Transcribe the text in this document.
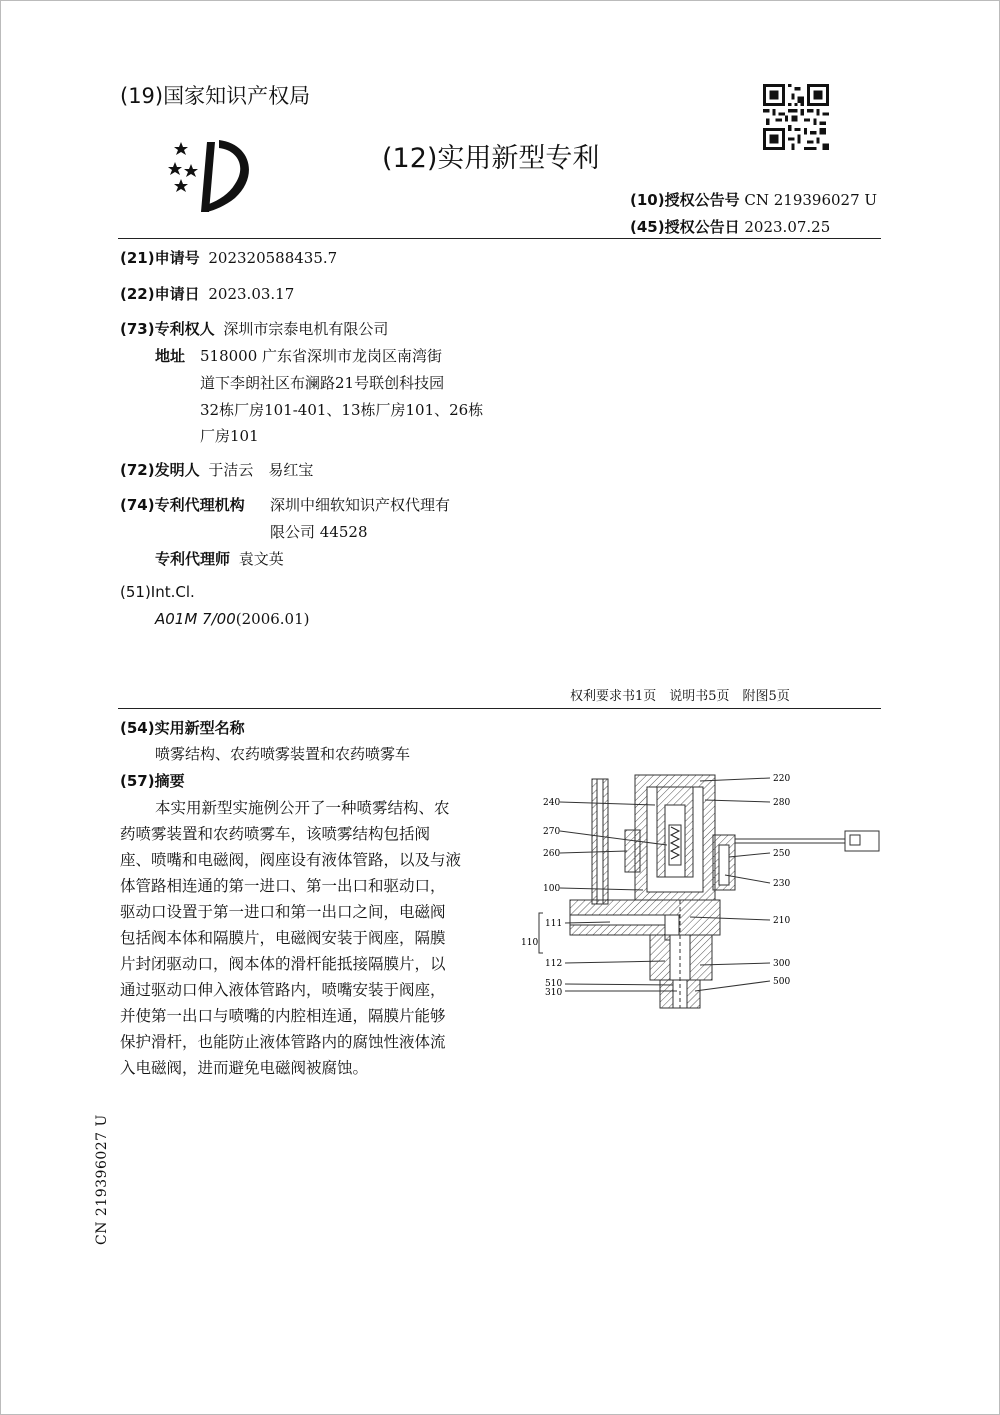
(19)国家知识产权局
(12)实用新型专利
(10)授权公告号 CN 219396027 U
(45)授权公告日 2023.07.25
(21)申请号 202320588435.7
(22)申请日 2023.03.17
(73)专利权人 深圳市宗泰电机有限公司
地址 518000 广东省深圳市龙岗区南湾街
道下李朗社区布澜路21号联创科技园
32栋厂房101-401、13栋厂房101、26栋
厂房101
(72)发明人 于洁云　易红宝
(74)专利代理机构 深圳中细软知识产权代理有
限公司 44528
专利代理师 袁文英
(51)Int.Cl.
A01M 7/00(2006.01)
权利要求书1页　说明书5页　附图5页
(54)实用新型名称
喷雾结构、农药喷雾装置和农药喷雾车
(57)摘要
本实用新型实施例公开了一种喷雾结构、农
药喷雾装置和农药喷雾车，该喷雾结构包括阀
座、喷嘴和电磁阀，阀座设有液体管路，以及与液
体管路相连通的第一进口、第一出口和驱动口，
驱动口设置于第一进口和第一出口之间，电磁阀
包括阀本体和隔膜片，电磁阀安装于阀座，隔膜
片封闭驱动口，阀本体的滑杆能抵接隔膜片，以
通过驱动口伸入液体管路内，喷嘴安装于阀座，
并使第一出口与喷嘴的内腔相连通，隔膜片能够
保护滑杆，也能防止液体管路内的腐蚀性液体流
入电磁阀，进而避免电磁阀被腐蚀。
220
280
240
270
250
260
230
100
111	210
110
112	300
510	500
310
CN 219396027 U
